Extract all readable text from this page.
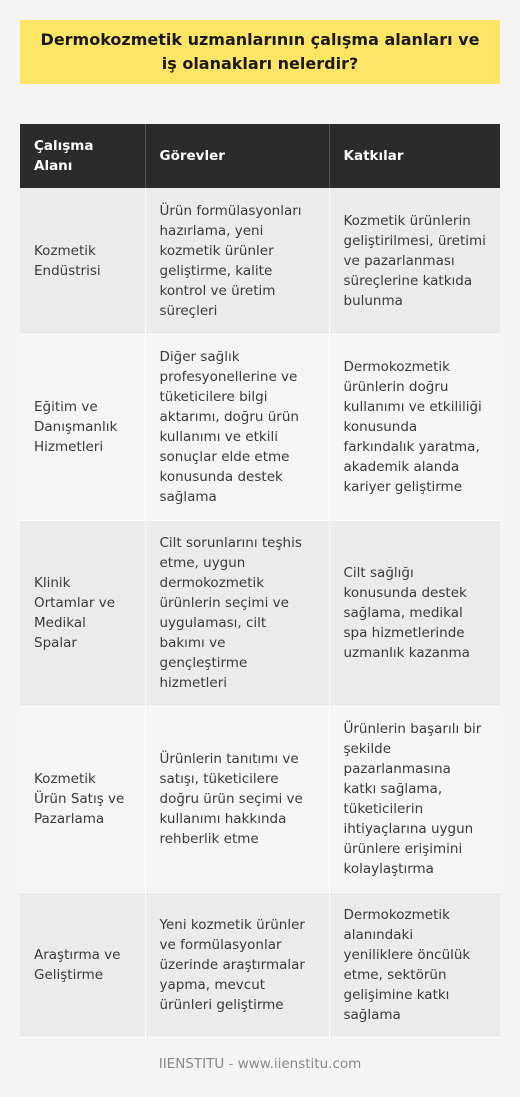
Dermokozmetik uzmanlarının çalışma alanları ve iş olanakları nelerdir?
Çalışma Alanı	Görevler	Katkılar
Kozmetik Endüstrisi	Ürün formülasyonları hazırlama, yeni kozmetik ürünler geliştirme, kalite kontrol ve üretim süreçleri	Kozmetik ürünlerin geliştirilmesi, üretimi ve pazarlanması süreçlerine katkıda bulunma
Eğitim ve Danışmanlık Hizmetleri	Diğer sağlık profesyonellerine ve tüketicilere bilgi aktarımı, doğru ürün kullanımı ve etkili sonuçlar elde etme konusunda destek sağlama	Dermokozmetik ürünlerin doğru kullanımı ve etkililiği konusunda farkındalık yaratma, akademik alanda kariyer geliştirme
Klinik Ortamlar ve Medikal Spalar	Cilt sorunlarını teşhis etme, uygun dermokozmetik ürünlerin seçimi ve uygulaması, cilt bakımı ve gençleştirme hizmetleri	Cilt sağlığı konusunda destek sağlama, medikal spa hizmetlerinde uzmanlık kazanma
Kozmetik Ürün Satış ve Pazarlama	Ürünlerin tanıtımı ve satışı, tüketicilere doğru ürün seçimi ve kullanımı hakkında rehberlik etme	Ürünlerin başarılı bir şekilde pazarlanmasına katkı sağlama, tüketicilerin ihtiyaçlarına uygun ürünlere erişimini kolaylaştırma
Araştırma ve Geliştirme	Yeni kozmetik ürünler ve formülasyonlar üzerinde araştırmalar yapma, mevcut ürünleri geliştirme	Dermokozmetik alanındaki yeniliklere öncülük etme, sektörün gelişimine katkı sağlama
IIENSTITU - www.iienstitu.com
